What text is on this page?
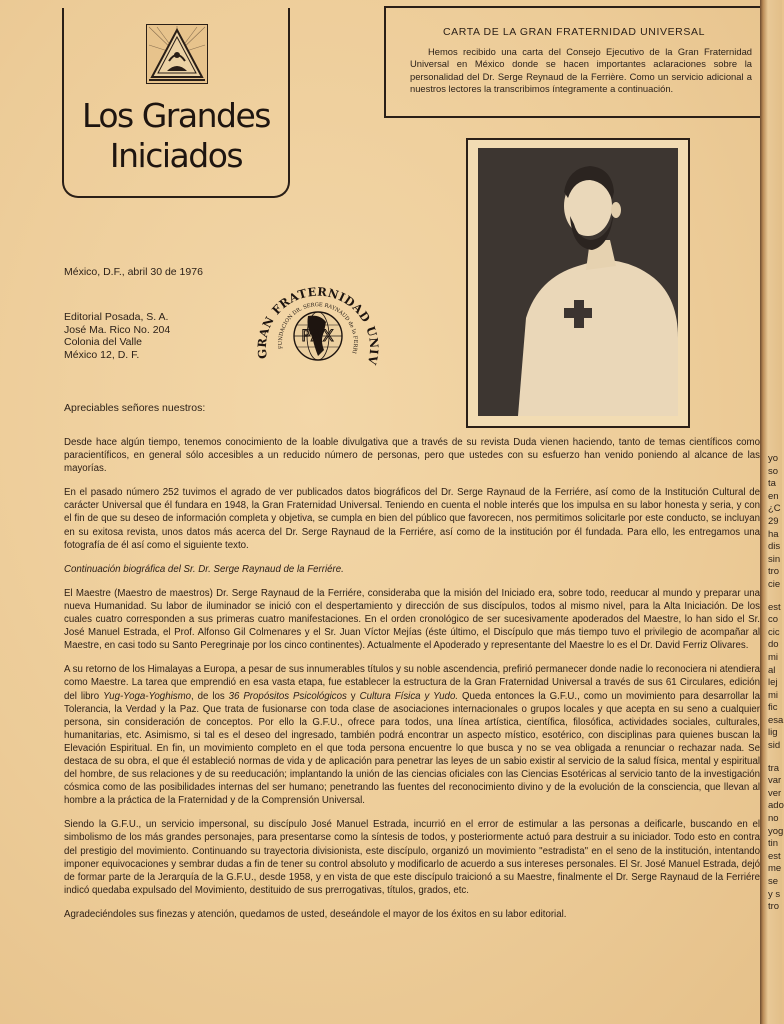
Los Grandes
Iniciados
CARTA DE LA GRAN FRATERNIDAD UNIVERSAL
Hemos recibido una carta del Consejo Ejecutivo de la Gran Fraternidad Universal en México donde se hacen importantes aclaraciones sobre la personalidad del Dr. Serge Reynaud de la Ferrière. Como un servicio adicional a nuestros lectores la transcribimos íntegramente a continuación.
México, D.F., abril 30 de 1976
Editorial Posada, S. A.
José Ma. Rico No. 204
Colonia del Valle
México 12, D. F.	GRAN FRATERNIDAD UNIV
FUNDACION DR. SERGE RAYNAUD de la FERRI
PAX
Apreciables señores nuestros:

Desde hace algún tiempo, tenemos conocimiento de la loable divulgativa que a través de su revista Duda vienen haciendo, tanto de temas científicos como paracientíficos, en general sólo accesibles a un reducido número de personas, pero que ustedes con su esfuerzo han venido poniendo al alcance de las mayorías.

En el pasado número 252 tuvimos el agrado de ver publicados datos biográficos del Dr. Serge Raynaud de la Ferriére, así como de la Institución Cultural de carácter Universal que él fundara en 1948, la Gran Fraternidad Universal. Teniendo en cuenta el noble interés que los impulsa en su labor honesta y seria, y con el fin de que su deseo de información completa y objetiva, se cumpla en bien del público que favorecen, nos permitimos solicitarle por este conducto, se incluyan en su exitosa revista, unos datos más acerca del Dr. Serge Raynaud de la Ferriére, así como de la institución por él fundada. Para ello, les entregamos una fotografía de él así como el siguiente texto.

Continuación biográfica del Sr. Dr. Serge Raynaud de la Ferriére.

El Maestre (Maestro de maestros) Dr. Serge Raynaud de la Ferriére, consideraba que la misión del Iniciado era, sobre todo, reeducar al mundo y preparar una nueva Humanidad. Su labor de iluminador se inició con el despertamiento y dirección de sus discípulos, todos al mismo nivel, para la Alta Iniciación. De los cuales cuatro corresponden a sus primeras cuatro manifestaciones. En el orden cronológico de ser sucesivamente apoderados del Maestre, lo han sido el Sr. José Manuel Estrada, el Prof. Alfonso Gil Colmenares y el Sr. Juan Víctor Mejías (éste último, el Discípulo que más tiempo tuvo el privilegio de acompañar al Maestre, en casi todo su Santo Peregrinaje por los cinco continentes). Actualmente el Apoderado y representante del Maestre lo es el Dr. David Ferriz Olivares.

A su retorno de los Himalayas a Europa, a pesar de sus innumerables títulos y su noble ascendencia, prefirió permanecer donde nadie lo reconociera ni atendiera como Maestre. La tarea que emprendió en esa vasta etapa, fue establecer la estructura de la Gran Fraternidad Universal a través de sus 61 Circulares, edición del libro Yug-Yoga-Yoghismo, de los 36 Propósitos Psicológicos y Cultura Física y Yudo. Queda entonces la G.F.U., como un movimiento para desarrollar la Tolerancia, la Verdad y la Paz. Que trata de fusionarse con toda clase de asociaciones internacionales o grupos locales y que acepta en su seno a cualquier persona, sin consideración de conceptos. Por ello la G.F.U., ofrece para todos, una línea artística, científica, filosófica, actividades sociales, culturales, humanitarias, etc. Asimismo, si tal es el deseo del ingresado, también podrá encontrar un aspecto místico, esotérico, con disciplinas para quienes buscan la Elevación Espiritual. En fin, un movimiento completo en el que toda persona encuentre lo que busca y no se vea obligada a renunciar o rechazar nada. Se destaca de su obra, el que él estableció normas de vida y de aplicación para penetrar las leyes de un sabio existir al servicio de la salud física, mental y espiritual del hombre, de sus relaciones y de su reeducación; implantando la unión de las ciencias oficiales con las Ciencias Esotéricas al servicio tanto de la investigación cósmica como de las posibilidades internas del ser humano; penetrando las fuentes del reconocimiento divino y de la evolución de la consciencia, que llevan al hombre a la práctica de la Fraternidad y de la Comprensión Universal.

Siendo la G.F.U., un servicio impersonal, su discípulo José Manuel Estrada, incurrió en el error de estimular a las personas a deificarle, buscando en el simbolismo de los más grandes personajes, para presentarse como la síntesis de todos, y posteriormente actuó para destruir a su iniciador. Todo esto en contra del prestigio del movimiento. Continuando su trayectoria divisionista, este discípulo, organizó un movimiento "estradista" en el seno de la institución, intentando imponer equivocaciones y sembrar dudas a fin de tener su control absoluto y modificarlo de acuerdo a sus intereses personales. El Sr. José Manuel Estrada, dejó de formar parte de la Jerarquía de la G.F.U., desde 1958, y en vista de que este discípulo traicionó a su Maestre, finalmente el Dr. Serge Raynaud de la Ferriére indicó quedaba expulsado del Movimiento, destituido de sus prerrogativas, títulos, grados, etc.

Agradeciéndoles sus finezas y atención, quedamos de usted, deseándole el mayor de los éxitos en su labor editorial.

yo
so
ta
en
¿C
29
ha
dis
sin
tro
cie
est
co
cic
do
mi
al
lej
mi
fic
esa
lig
sid
tra
var
ver
ado
no
yog
tin
est
me
se
y s
tro
